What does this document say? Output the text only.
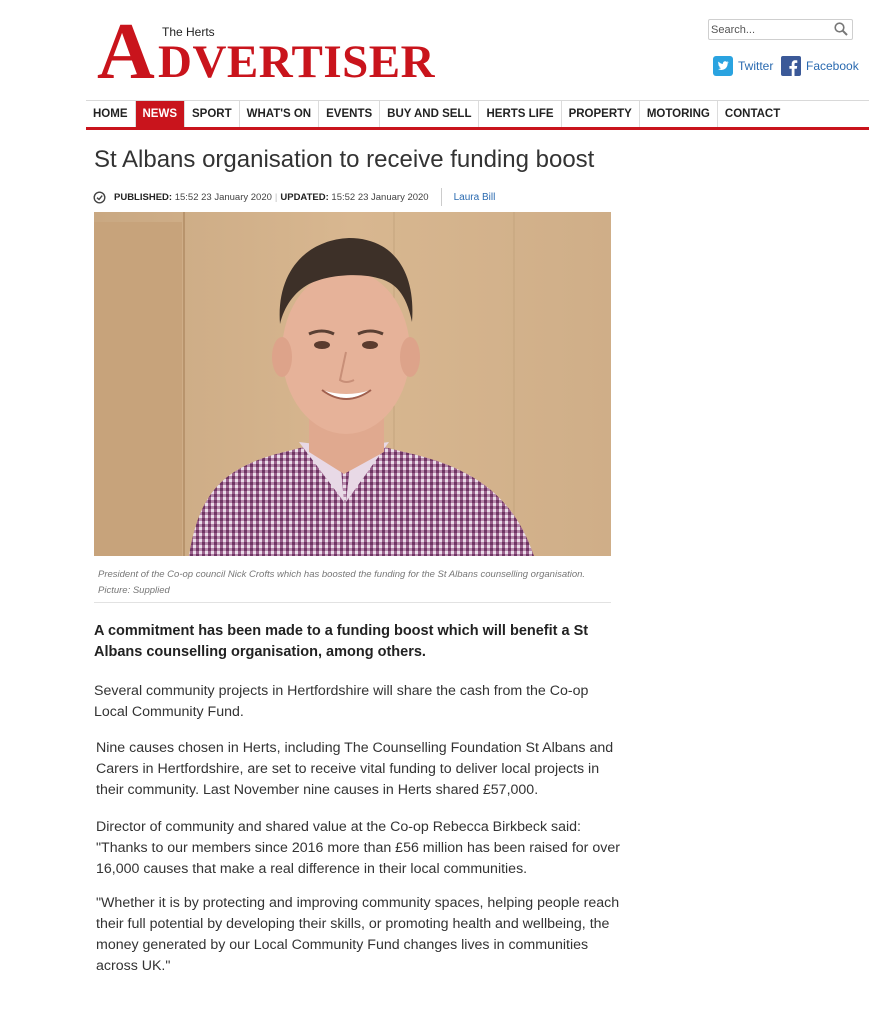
A The Herts
DVERTISER
Search...	Twitter	Facebook
HOME	NEWS	SPORT	WHAT'S ON	EVENTS	BUY AND SELL	HERTS LIFE	PROPERTY	MOTORING	CONTACT
St Albans organisation to receive funding boost
PUBLISHED:
15:52 23 January 2020 | UPDATED:
15:52 23 January 2020	Laura Bill

President of the Co-op council Nick Crofts which has boosted the funding for the St Albans counselling organisation. Picture: Supplied

A commitment has been made to a funding boost which will benefit a St Albans counselling organisation, among others.

Several community projects in Hertfordshire will share the cash from the Co-op Local Community Fund.

Nine causes chosen in Herts, including The Counselling Foundation St Albans and Carers in Hertfordshire, are set to receive vital funding to deliver local projects in their community. Last November nine causes in Herts shared £57,000.

Director of community and shared value at the Co-op Rebecca Birkbeck said: "Thanks to our members since 2016 more than £56 million has been raised for over 16,000 causes that make a real difference in their local communities.

"Whether it is by protecting and improving community spaces, helping people reach their full potential by developing their skills, or promoting health and wellbeing, the money generated by our Local Community Fund changes lives in communities across UK."
